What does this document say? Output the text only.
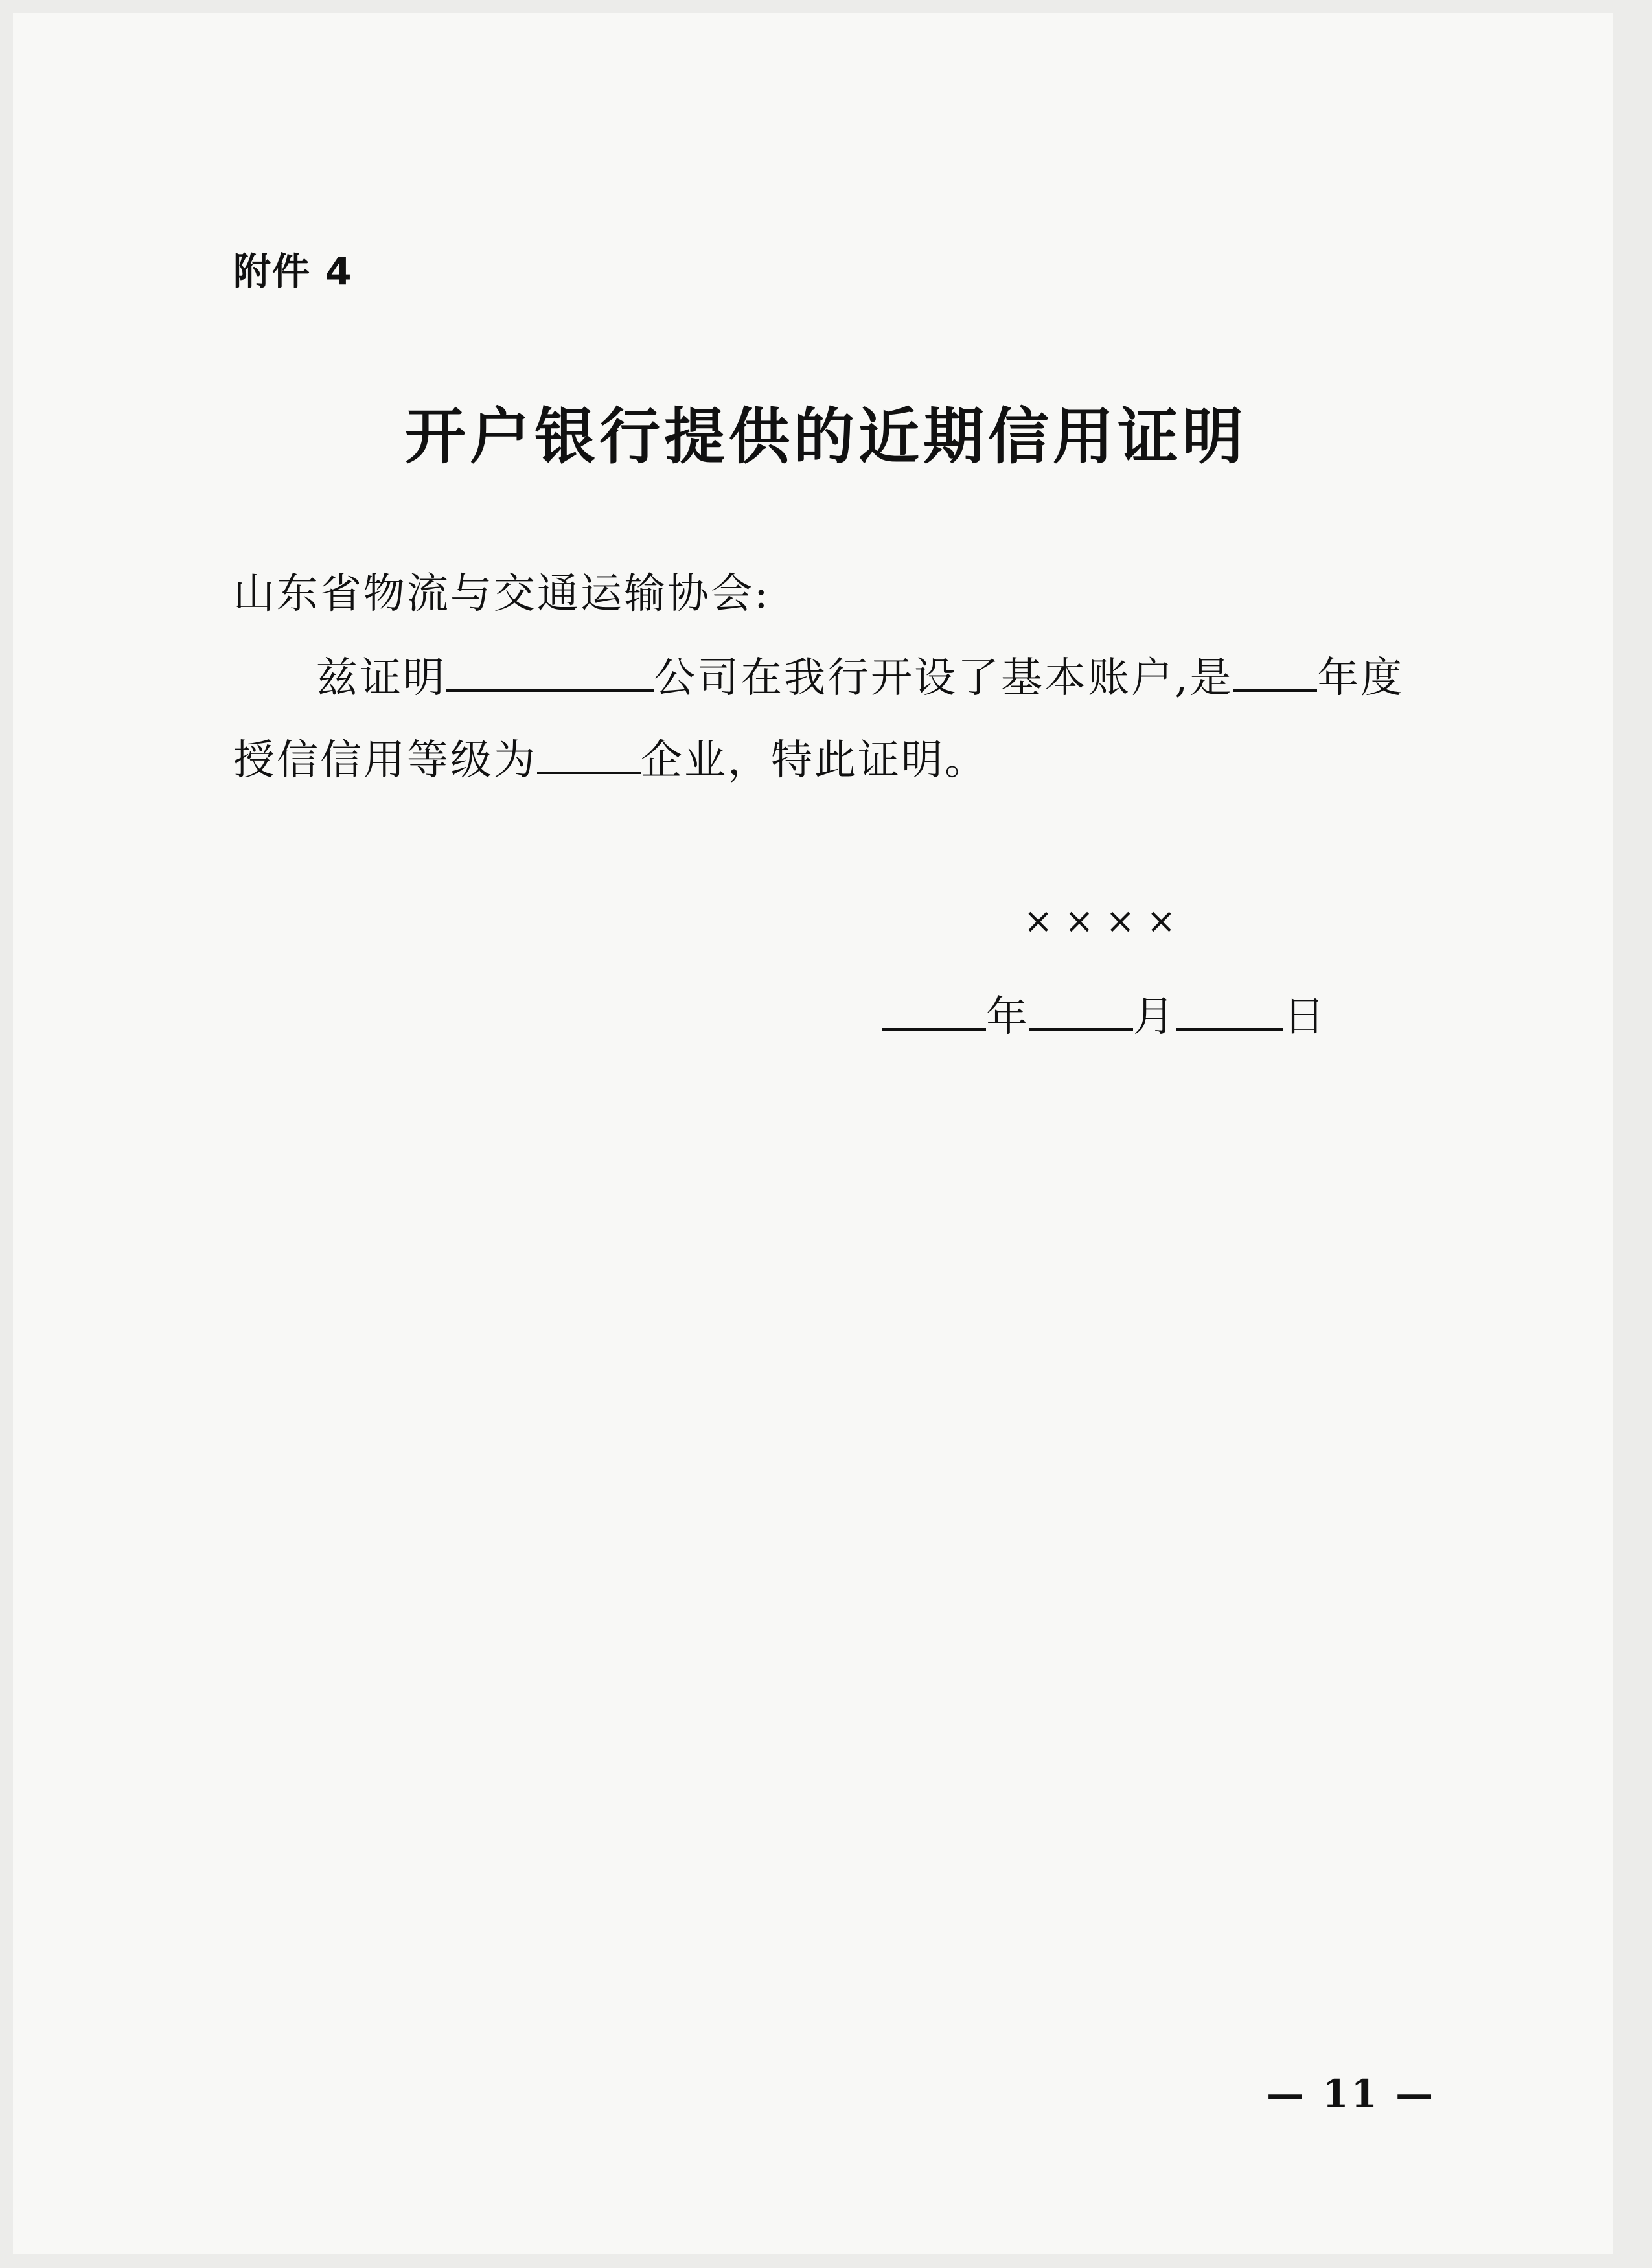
附件 4
开户银行提供的近期信用证明
山东省物流与交通运输协会:
兹证明	公司在我行开设了基本账户,是 年度
授信信用等级为	企业，特此证明。
××××
年	月	日
— 11 —
